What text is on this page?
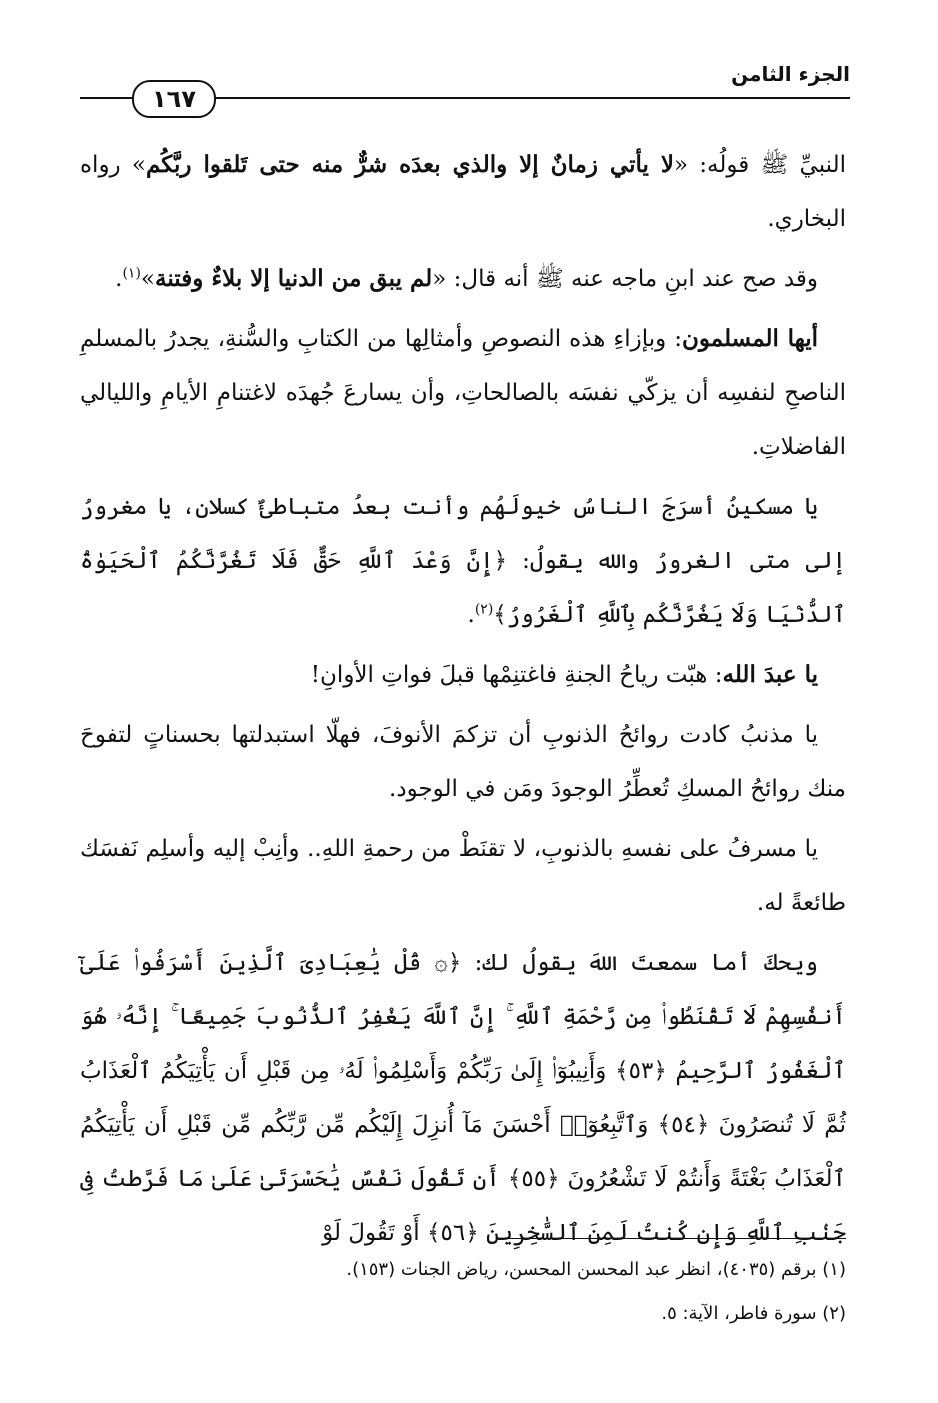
الجزء الثامن
١٦٧

النبيِّ ﷺ قولُه: «لا يأتي زمانٌ إلا والذي بعدَه شرٌّ منه حتى تَلقوا ربَّكُم» رواه البخاري.

وقد صح عند ابنِ ماجه عنه ﷺ أنه قال: «لم يبق من الدنيا إلا بلاءٌ وفتنة»$^{(١)}$.

أيها المسلمون: وبإزاءِ هذه النصوصِ وأمثالِها من الكتابِ والسُّنةِ، يجدرُ بالمسلمِ الناصحِ لنفسِه أن يزكّي نفسَه بالصالحاتِ، وأن يسارعَ جُهدَه لاغتنامِ الأيامِ والليالي الفاضلاتِ.

يا مسكينُ أسرَجَ الناسُ خيولَهُم وأنت بعدُ متباطئٌ كسلان، يا مغرورُ إلى متى الغرورُ والله يقولُ: ﴿إِنَّ وَعْدَ ٱللَّهِ حَقٌّ فَلَا تَغُرَّنَّكُمُ ٱلْحَيَوٰةُ ٱلدُّنْيَا وَلَا يَغُرَّنَّكُم بِٱللَّهِ ٱلْغَرُورُ﴾$^{(٢)}$.

يا عبدَ الله: هبّت رياحُ الجنةِ فاغتنِمْها قبلَ فواتِ الأوانِ!

يا مذنبُ كادت روائحُ الذنوبِ أن تزكمَ الأنوفَ، فهلّا استبدلتها بحسناتٍ لتفوحَ منك روائحُ المسكِ تُعطِّرُ الوجودَ ومَن في الوجود.

يا مسرفُ على نفسهِ بالذنوبِ، لا تقنَطْ من رحمةِ اللهِ.. وأنِبْ إليه وأسلِم نَفسَك طائعةً له.

ويحكَ أما سمعتَ اللهَ يقولُ لك: ﴿۞ قُلْ يَٰعِبَادِىَ ٱلَّذِينَ أَسْرَفُوا۟ عَلَىٰٓ أَنفُسِهِمْ لَا تَقْنَطُوا۟ مِن رَّحْمَةِ ٱللَّهِ ۚ إِنَّ ٱللَّهَ يَغْفِرُ ٱلذُّنُوبَ جَمِيعًا ۚ إِنَّهُۥ هُوَ ٱلْغَفُورُ ٱلرَّحِيمُ ﴿٥٣﴾ وَأَنِيبُوٓا۟ إِلَىٰ رَبِّكُمْ وَأَسْلِمُوا۟ لَهُۥ مِن قَبْلِ أَن يَأْتِيَكُمُ ٱلْعَذَابُ ثُمَّ لَا تُنصَرُونَ ﴿٥٤﴾ وَٱتَّبِعُوٓا۟ أَحْسَنَ مَآ أُنزِلَ إِلَيْكُم مِّن رَّبِّكُم مِّن قَبْلِ أَن يَأْتِيَكُمُ ٱلْعَذَابُ بَغْتَةً وَأَنتُمْ لَا تَشْعُرُونَ ﴿٥٥﴾ أَن تَقُولَ نَفْسٌ يَٰحَسْرَتَىٰ عَلَىٰ مَا فَرَّطتُ فِى جَنۢبِ ٱللَّهِ وَإِن كُنتُ لَمِنَ ٱلسَّٰخِرِينَ ﴿٥٦﴾ أَوْ تَقُولَ لَوْ

(١) برقم (٤٠٣٥)، انظر عبد المحسن المحسن، رياض الجنات (١٥٣).

(٢) سورة فاطر، الآية: ٥.
